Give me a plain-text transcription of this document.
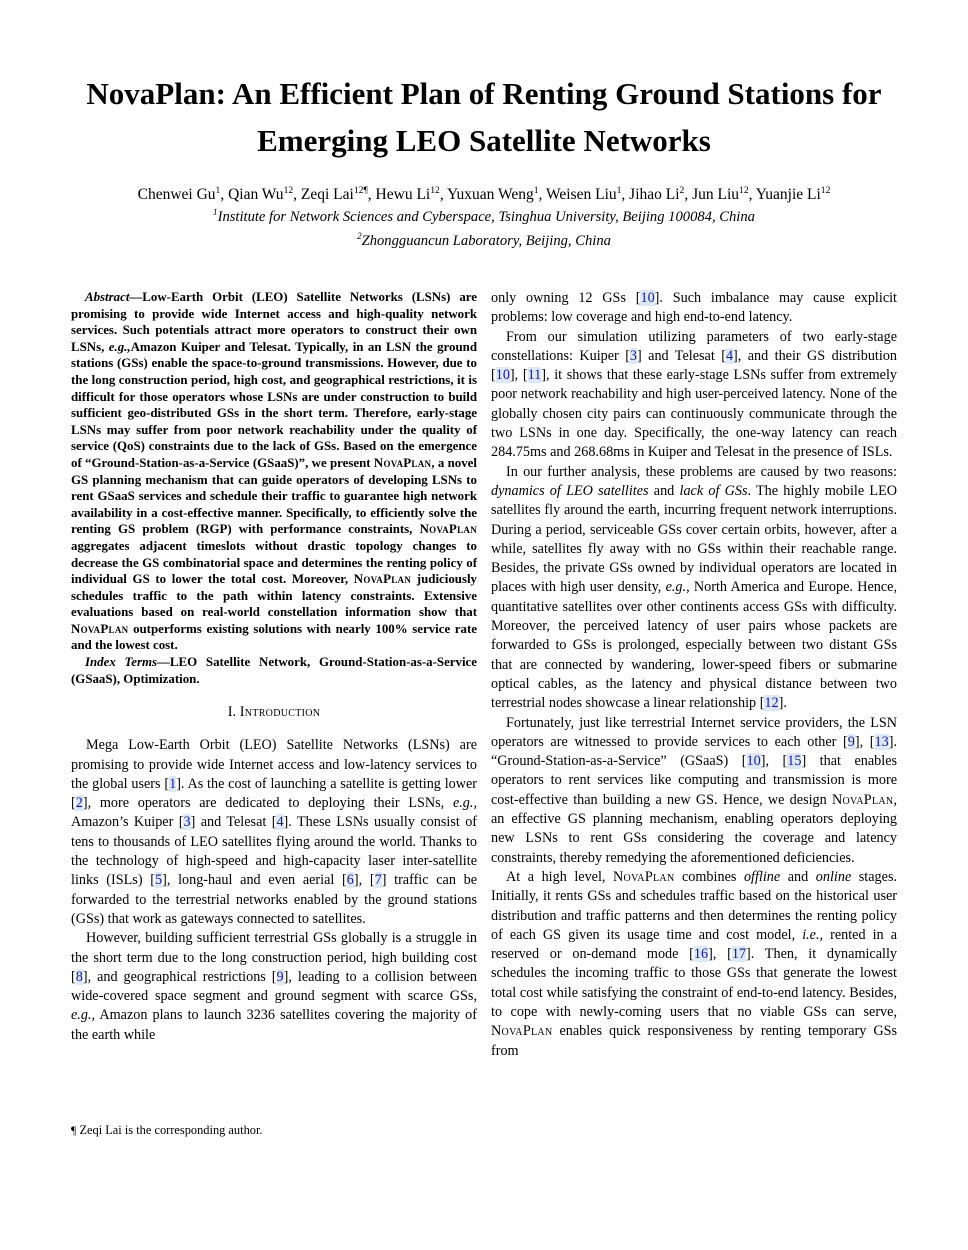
NovaPlan: An Efficient Plan of Renting Ground Stations for Emerging LEO Satellite Networks
Chenwei Gu$^1$, Qian Wu$^{12}$, Zeqi Lai$^{12\P}$, Hewu Li$^{12}$, Yuxuan Weng$^1$, Weisen Liu$^1$, Jihao Li$^2$, Jun Liu$^{12}$, Yuanjie Li$^{12}$
$^1$Institute for Network Sciences and Cyberspace, Tsinghua University, Beijing 100084, China
$^2$Zhongguancun Laboratory, Beijing, China

Abstract—Low-Earth Orbit (LEO) Satellite Networks (LSNs) are promising to provide wide Internet access and high-quality network services. Such potentials attract more operators to construct their own LSNs, e.g.,Amazon Kuiper and Telesat. Typically, in an LSN the ground stations (GSs) enable the space-to-ground transmissions. However, due to the long construction period, high cost, and geographical restrictions, it is difficult for those operators whose LSNs are under construction to build sufficient geo-distributed GSs in the short term. Therefore, early-stage LSNs may suffer from poor network reachability under the quality of service (QoS) constraints due to the lack of GSs. Based on the emergence of “Ground-Station-as-a-Service (GSaaS)”, we present NovaPlan, a novel GS planning mechanism that can guide operators of developing LSNs to rent GSaaS services and schedule their traffic to guarantee high network availability in a cost-effective manner. Specifically, to efficiently solve the renting GS problem (RGP) with performance constraints, NovaPlan aggregates adjacent timeslots without drastic topology changes to decrease the GS combinatorial space and determines the renting policy of individual GS to lower the total cost. Moreover, NovaPlan judiciously schedules traffic to the path within latency constraints. Extensive evaluations based on real-world constellation information show that NovaPlan outperforms existing solutions with nearly 100% service rate and the lowest cost.

Index Terms—LEO Satellite Network, Ground-Station-as-a-Service (GSaaS), Optimization.

I. Introduction

Mega Low-Earth Orbit (LEO) Satellite Networks (LSNs) are promising to provide wide Internet access and low-latency services to the global users [1]. As the cost of launching a satellite is getting lower [2], more operators are dedicated to deploying their LSNs, e.g., Amazon’s Kuiper [3] and Telesat [4]. These LSNs usually consist of tens to thousands of LEO satellites flying around the world. Thanks to the technology of high-speed and high-capacity laser inter-satellite links (ISLs) [5], long-haul and even aerial [6], [7] traffic can be forwarded to the terrestrial networks enabled by the ground stations (GSs) that work as gateways connected to satellites.

However, building sufficient terrestrial GSs globally is a struggle in the short term due to the long construction period, high building cost [8], and geographical restrictions [9], leading to a collision between wide-covered space segment and ground segment with scarce GSs, e.g., Amazon plans to launch 3236 satellites covering the majority of the earth while

only owning 12 GSs [10]. Such imbalance may cause explicit problems: low coverage and high end-to-end latency.

From our simulation utilizing parameters of two early-stage constellations: Kuiper [3] and Telesat [4], and their GS distribution [10], [11], it shows that these early-stage LSNs suffer from extremely poor network reachability and high user-perceived latency. None of the globally chosen city pairs can continuously communicate through the two LSNs in one day. Specifically, the one-way latency can reach 284.75ms and 268.68ms in Kuiper and Telesat in the presence of ISLs.

In our further analysis, these problems are caused by two reasons: dynamics of LEO satellites and lack of GSs. The highly mobile LEO satellites fly around the earth, incurring frequent network interruptions. During a period, serviceable GSs cover certain orbits, however, after a while, satellites fly away with no GSs within their reachable range. Besides, the private GSs owned by individual operators are located in places with high user density, e.g., North America and Europe. Hence, quantitative satellites over other continents access GSs with difficulty. Moreover, the perceived latency of user pairs whose packets are forwarded to GSs is prolonged, especially between two distant GSs that are connected by wandering, lower-speed fibers or submarine optical cables, as the latency and physical distance between two terrestrial nodes showcase a linear relationship [12].

Fortunately, just like terrestrial Internet service providers, the LSN operators are witnessed to provide services to each other [9], [13]. “Ground-Station-as-a-Service” (GSaaS) [10], [15] that enables operators to rent services like computing and transmission is more cost-effective than building a new GS. Hence, we design NovaPlan, an effective GS planning mechanism, enabling operators deploying new LSNs to rent GSs considering the coverage and latency constraints, thereby remedying the aforementioned deficiencies.

At a high level, NovaPlan combines offline and online stages. Initially, it rents GSs and schedules traffic based on the historical user distribution and traffic patterns and then determines the renting policy of each GS given its usage time and cost model, i.e., rented in a reserved or on-demand mode [16], [17]. Then, it dynamically schedules the incoming traffic to those GSs that generate the lowest total cost while satisfying the constraint of end-to-end latency. Besides, to cope with newly-coming users that no viable GSs can serve, NovaPlan enables quick responsiveness by renting temporary GSs from

¶ Zeqi Lai is the corresponding author.
